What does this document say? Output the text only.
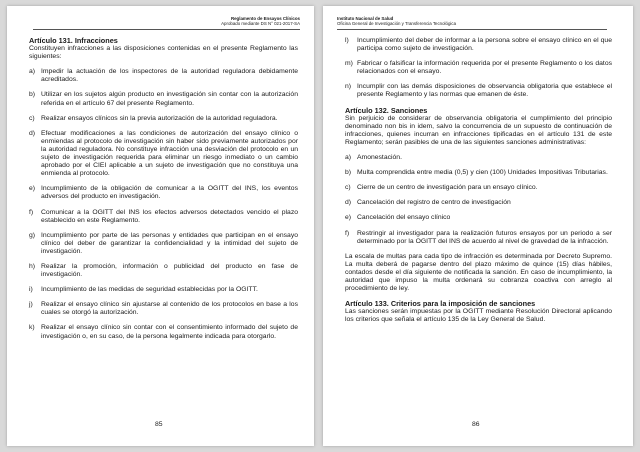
Reglamento de Ensayos Clínicos
Aprobado mediante DS N° 021-2017-SA
Artículo 131. Infracciones
Constituyen infracciones a las disposiciones contenidas en el presente Reglamento las siguientes:
a) Impedir la actuación de los inspectores de la autoridad reguladora debidamente acreditados.
b) Utilizar en los sujetos algún producto en investigación sin contar con la autorización referida en el artículo 67 del presente Reglamento.
c) Realizar ensayos clínicos sin la previa autorización de la autoridad reguladora.
d) Efectuar modificaciones a las condiciones de autorización del ensayo clínico o enmiendas al protocolo de investigación sin haber sido previamente autorizados por la autoridad reguladora. No constituye infracción una desviación del protocolo en un sujeto de investigación requerida para eliminar un riesgo inmediato o un cambio aprobado por el CIEI aplicable a un sujeto de investigación que no constituya una enmienda al protocolo.
e) Incumplimiento de la obligación de comunicar a la OGITT del INS, los eventos adversos del producto en investigación.
f)	Comunicar a la OGITT del INS los efectos adversos detectados vencido el plazo establecido en este Reglamento.
g) Incumplimiento por parte de las personas y entidades que participan en el ensayo clínico del deber de garantizar la confidencialidad y la intimidad del sujeto de investigación.
h) Realizar la promoción, información o publicidad del producto en fase de investigación.
i)	Incumplimiento de las medidas de seguridad establecidas por la OGITT.
j)	Realizar el ensayo clínico sin ajustarse al contenido de los protocolos en base a los cuales se otorgó la autorización.
k) Realizar el ensayo clínico sin contar con el consentimiento informado del sujeto de investigación o, en su caso, de la persona legalmente indicada para otorgarlo.
85
Instituto Nacional de Salud
Oficina General de Investigación y Transferencia Tecnológica
l)	Incumplimiento del deber de informar a la persona sobre el ensayo clínico en el que participa como sujeto de investigación.
m) Fabricar o falsificar la información requerida por el presente Reglamento o los datos relacionados con el ensayo.
n) Incumplir con las demás disposiciones de observancia obligatoria que establece el presente Reglamento y las normas que emanen de éste.
Artículo 132. Sanciones
Sin perjuicio de considerar de observancia obligatoria el cumplimiento del principio denominado non bis in idem, salvo la concurrencia de un supuesto de continuación de infracciones, quienes incurran en infracciones tipificadas en el artículo 131 de este Reglamento; serán pasibles de una de las siguientes sanciones administrativas:
a) Amonestación.
b) Multa comprendida entre media (0,5) y cien (100) Unidades Impositivas Tributarias.
c) Cierre de un centro de investigación para un ensayo clínico.
d) Cancelación del registro de centro de investigación
e) Cancelación del ensayo clínico
f)	Restringir al investigador para la realización futuros ensayos por un periodo a ser determinado por la OGITT del INS de acuerdo al nivel de gravedad de la infracción.
La escala de multas para cada tipo de infracción es determinada por Decreto Supremo. La multa deberá de pagarse dentro del plazo máximo de quince (15) días hábiles, contados desde el día siguiente de notificada la sanción. En caso de incumplimiento, la autoridad que impuso la multa ordenará su cobranza coactiva con arreglo al procedimiento de ley.
Artículo 133. Criterios para la imposición de sanciones
Las sanciones serán impuestas por la OGITT mediante Resolución Directoral aplicando los criterios que señala el artículo 135 de la Ley General de Salud.
86
